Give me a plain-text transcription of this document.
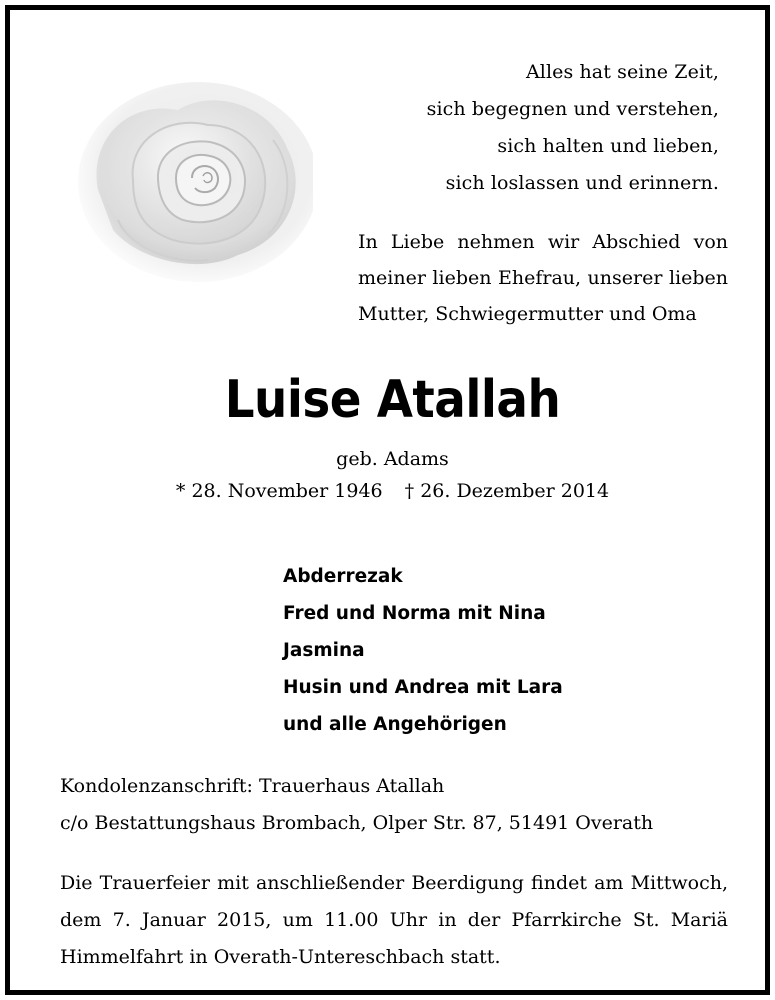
Alles hat seine Zeit,
sich begegnen und verstehen,
sich halten und lieben,
sich loslassen und erinnern.
In Liebe nehmen wir Abschied von
meiner lieben Ehefrau, unserer lieben
Mutter, Schwiegermutter und Oma
Luise Atallah
geb. Adams
* 28. November 1946 † 26. Dezember 2014
Abderrezak
Fred und Norma mit Nina
Jasmina
Husin und Andrea mit Lara
und alle Angehörigen
Kondolenzanschrift: Trauerhaus Atallah
c/o Bestattungshaus Brombach, Olper Str. 87, 51491 Overath
Die Trauerfeier mit anschließender Beerdigung findet am Mittwoch,
dem 7. Januar 2015, um 11.00 Uhr in der Pfarrkirche St. Mariä
Himmelfahrt in Overath-Untereschbach statt.
